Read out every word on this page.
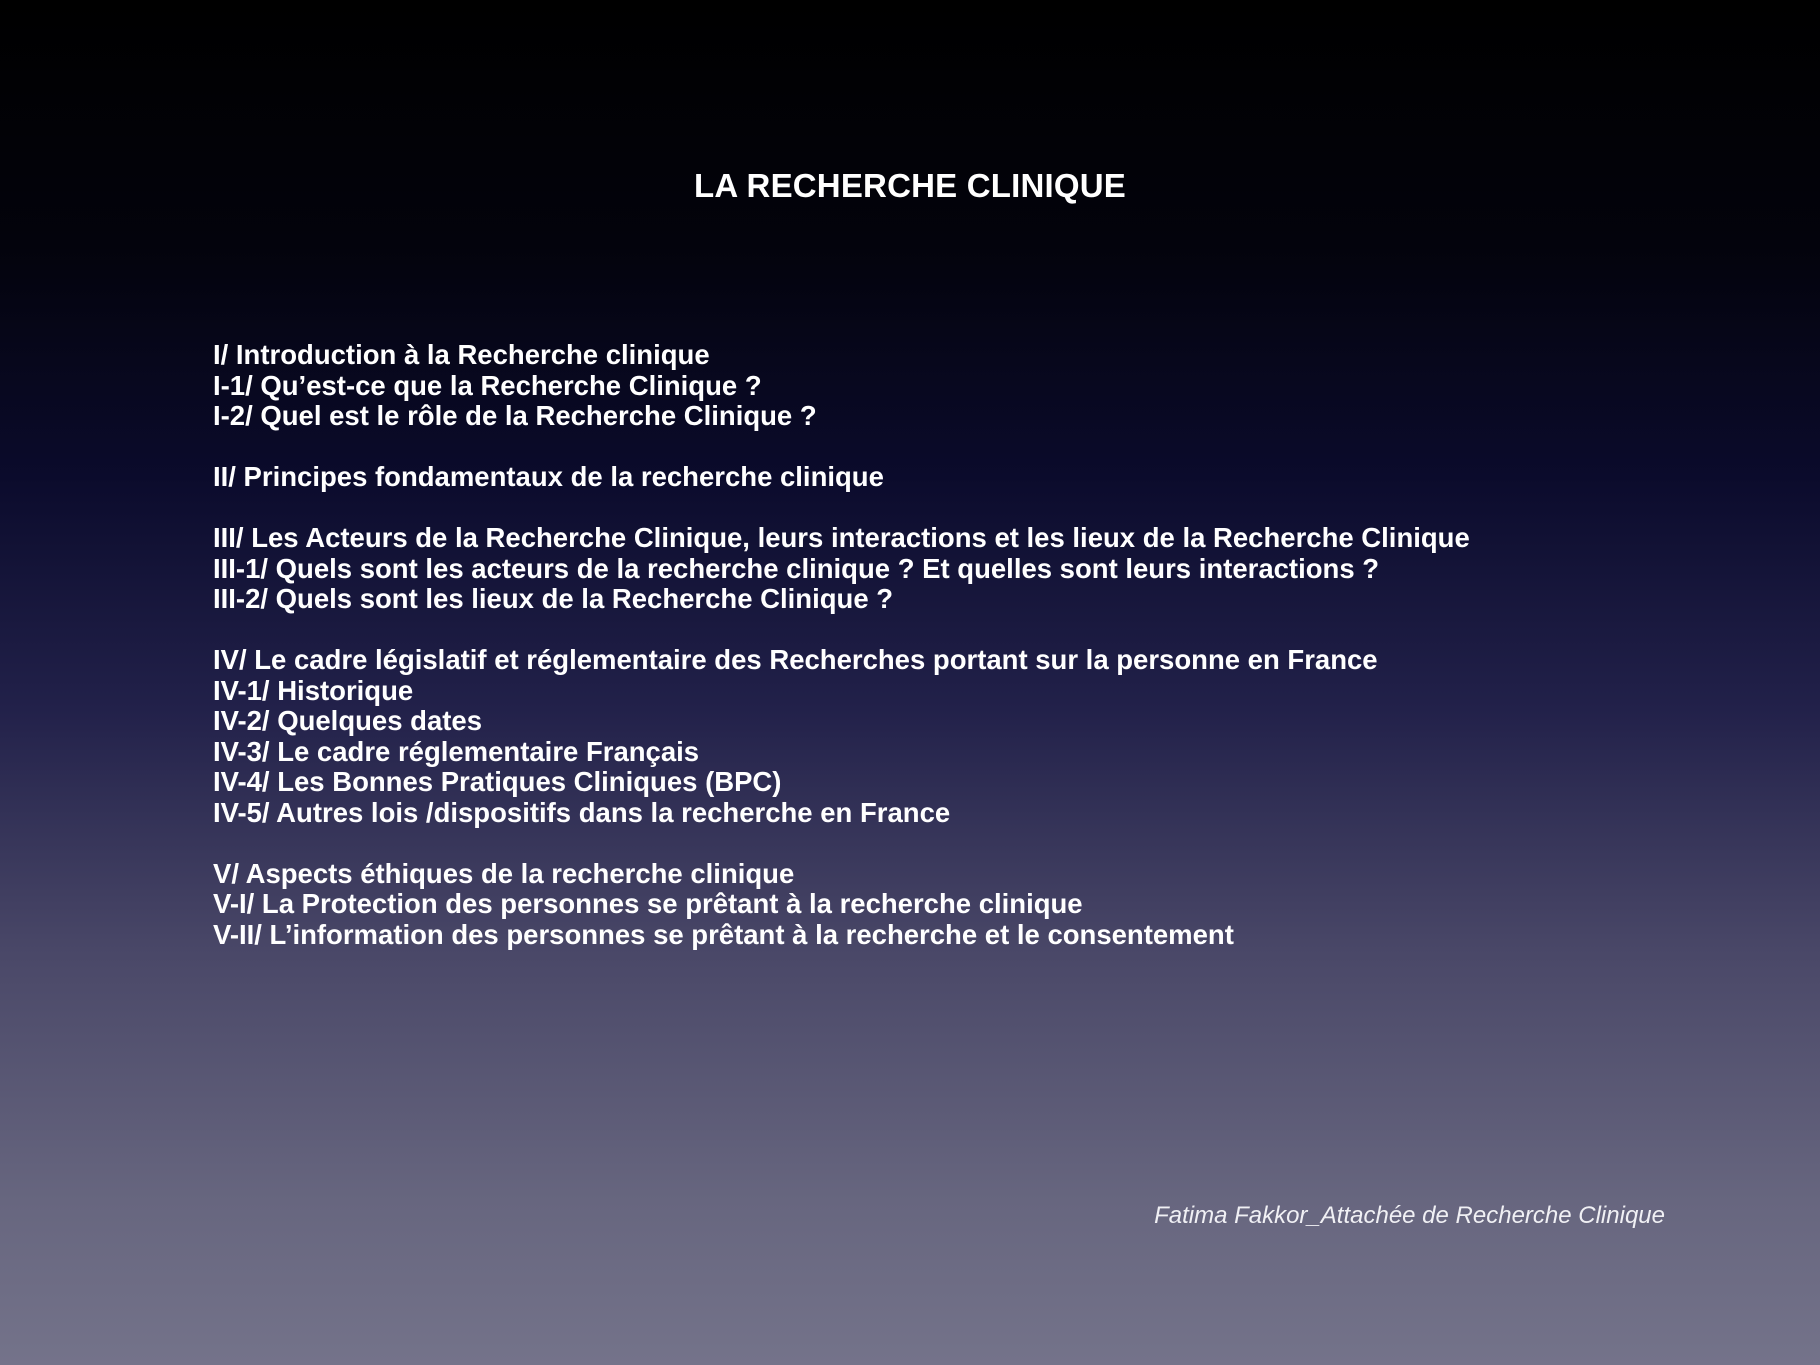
LA RECHERCHE CLINIQUE
I/ Introduction à la Recherche clinique
I-1/ Qu’est-ce que la Recherche Clinique ?
I-2/ Quel est le rôle de la Recherche Clinique ?
II/ Principes fondamentaux de la recherche clinique
III/ Les Acteurs de la Recherche Clinique, leurs interactions et les lieux de la Recherche Clinique
III-1/ Quels sont les acteurs de la recherche clinique ? Et quelles sont leurs interactions ?
III-2/ Quels sont les lieux de la Recherche Clinique ?
IV/ Le cadre législatif et réglementaire des Recherches portant sur la personne en France
IV-1/ Historique
IV-2/ Quelques dates
IV-3/ Le cadre réglementaire Français
IV-4/ Les Bonnes Pratiques Cliniques (BPC)
IV-5/ Autres lois /dispositifs dans la recherche en France
V/ Aspects éthiques de la recherche clinique
V-I/ La Protection des personnes se prêtant à la recherche clinique
V-II/ L’information des personnes se prêtant à la recherche et le consentement
Fatima Fakkor_Attachée de Recherche Clinique
